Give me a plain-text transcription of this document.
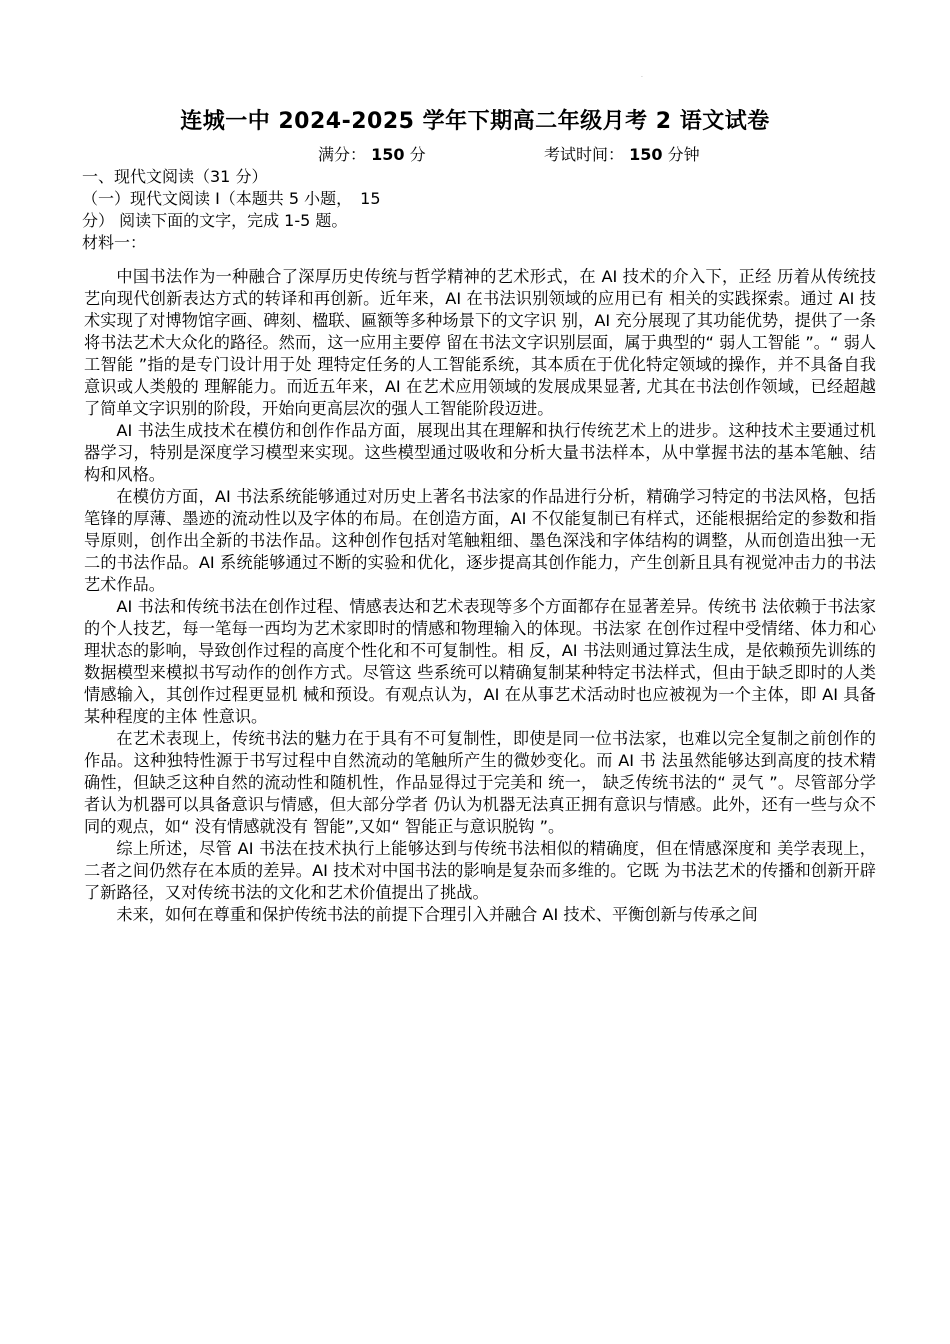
·
连城一中 2024-2025 学年下期高二年级月考 2 语文试卷
满分： 150 分	考试时间： 150 分钟
一、现代文阅读（31 分）
（一）现代文阅读 I（本题共 5 小题，　15
分） 阅读下面的文字，完成 1-5 题。
材料一：

中国书法作为一种融合了深厚历史传统与哲学精神的艺术形式，在 AI 技术的介入下，正经 历着从传统技艺向现代创新表达方式的转译和再创新。近年来，AI 在书法识别领域的应用已有 相关的实践探索。通过 AI 技术实现了对博物馆字画、碑刻、楹联、匾额等多种场景下的文字识 别，AI 充分展现了其功能优势，提供了一条将书法艺术大众化的路径。然而，这一应用主要停 留在书法文字识别层面，属于典型的“ 弱人工智能 ”。“ 弱人工智能 ”指的是专门设计用于处 理特定任务的人工智能系统，其本质在于优化特定领域的操作，并不具备自我意识或人类般的 理解能力。而近五年来，AI 在艺术应用领域的发展成果显著, 尤其在书法创作领域，已经超越 了简单文字识别的阶段，开始向更高层次的强人工智能阶段迈进。

AI 书法生成技术在模仿和创作作品方面，展现出其在理解和执行传统艺术上的进步。这种技术主要通过机器学习，特别是深度学习模型来实现。这些模型通过吸收和分析大量书法样本，从中掌握书法的基本笔触、结构和风格。

在模仿方面，AI 书法系统能够通过对历史上著名书法家的作品进行分析，精确学习特定的书法风格，包括笔锋的厚薄、墨迹的流动性以及字体的布局。在创造方面，AI 不仅能复制已有样式，还能根据给定的参数和指导原则，创作出全新的书法作品。这种创作包括对笔触粗细、墨色深浅和字体结构的调整，从而创造出独一无二的书法作品。AI 系统能够通过不断的实验和优化，逐步提高其创作能力，产生创新且具有视觉冲击力的书法艺术作品。

AI 书法和传统书法在创作过程、情感表达和艺术表现等多个方面都存在显著差异。传统书 法依赖于书法家的个人技艺，每一笔每一西均为艺术家即时的情感和物理输入的体现。书法家 在创作过程中受情绪、体力和心理状态的影响，导致创作过程的高度个性化和不可复制性。相 反，AI 书法则通过算法生成，是依赖预先训练的数据模型来模拟书写动作的创作方式。尽管这 些系统可以精确复制某种特定书法样式，但由于缺乏即时的人类情感输入，其创作过程更显机 械和预设。有观点认为，AI 在从事艺术活动时也应被视为一个主体，即 AI 具备某种程度的主体 性意识。

在艺术表现上，传统书法的魅力在于具有不可复制性，即使是同一位书法家，也难以完全复制之前创作的作品。这种独特性源于书写过程中自然流动的笔触所产生的微妙变化。而 AI 书 法虽然能够达到高度的技术精确性，但缺乏这种自然的流动性和随机性，作品显得过于完美和 统一， 缺乏传统书法的“ 灵气 ”。尽管部分学者认为机器可以具备意识与情感，但大部分学者 仍认为机器无法真正拥有意识与情感。此外，还有一些与众不同的观点，如“ 没有情感就没有 智能”,又如“ 智能正与意识脱钩 ”。

综上所述，尽管 AI 书法在技术执行上能够达到与传统书法相似的精确度，但在情感深度和 美学表现上，二者之间仍然存在本质的差异。AI 技术对中国书法的影响是复杂而多维的。它既 为书法艺术的传播和创新开辟了新路径，又对传统书法的文化和艺术价值提出了挑战。

未来，如何在尊重和保护传统书法的前提下合理引入并融合 AI 技术、平衡创新与传承之间
